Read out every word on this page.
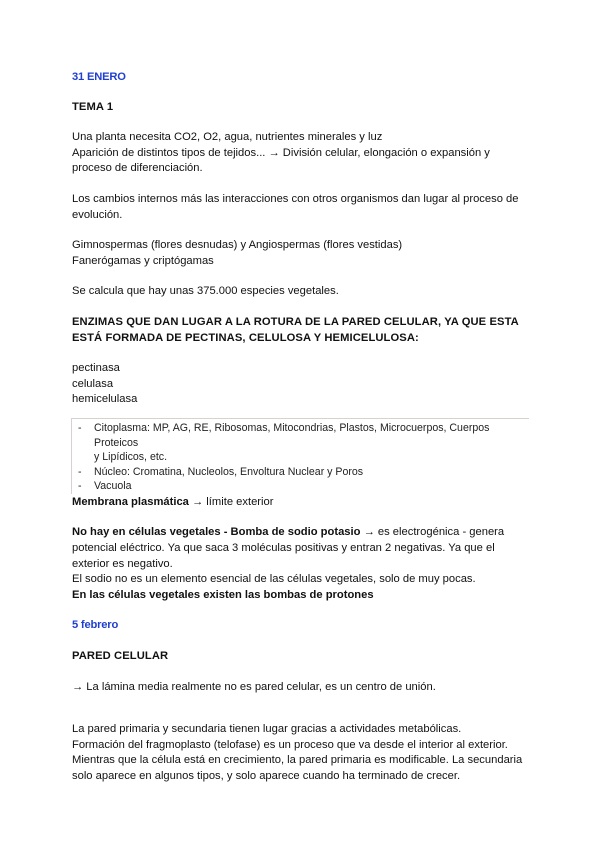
31 ENERO

TEMA 1

Una planta necesita CO2, O2, agua, nutrientes minerales y luz

Aparición de distintos tipos de tejidos... → División celular, elongación o expansión y

proceso de diferenciación.

Los cambios internos más las interacciones con otros organismos dan lugar al proceso de

evolución.

Gimnospermas (flores desnudas) y Angiospermas (flores vestidas)

Fanerógamas y criptógamas

Se calcula que hay unas 375.000 especies vegetales.

ENZIMAS QUE DAN LUGAR A LA ROTURA DE LA PARED CELULAR, YA QUE ESTA

ESTÁ FORMADA DE PECTINAS, CELULOSA Y HEMICELULOSA:

pectinasa

celulasa

hemicelulasa

- Citoplasma: MP, AG, RE, Ribosomas, Mitocondrias, Plastos, Microcuerpos, Cuerpos Proteicos
y Lipídicos, etc.
- Núcleo: Cromatina, Nucleolos, Envoltura Nuclear y Poros
- Vacuola

Membrana plasmática → límite exterior

No hay en células vegetales - Bomba de sodio potasio → es electrogénica - genera

potencial eléctrico. Ya que saca 3 moléculas positivas y entran 2 negativas. Ya que el

exterior es negativo.

El sodio no es un elemento esencial de las células vegetales, solo de muy pocas.

En las células vegetales existen las bombas de protones

5 febrero

PARED CELULAR

→ La lámina media realmente no es pared celular, es un centro de unión.

La pared primaria y secundaria tienen lugar gracias a actividades metabólicas.

Formación del fragmoplasto (telofase) es un proceso que va desde el interior al exterior.

Mientras que la célula está en crecimiento, la pared primaria es modificable. La secundaria

solo aparece en algunos tipos, y solo aparece cuando ha terminado de crecer.
